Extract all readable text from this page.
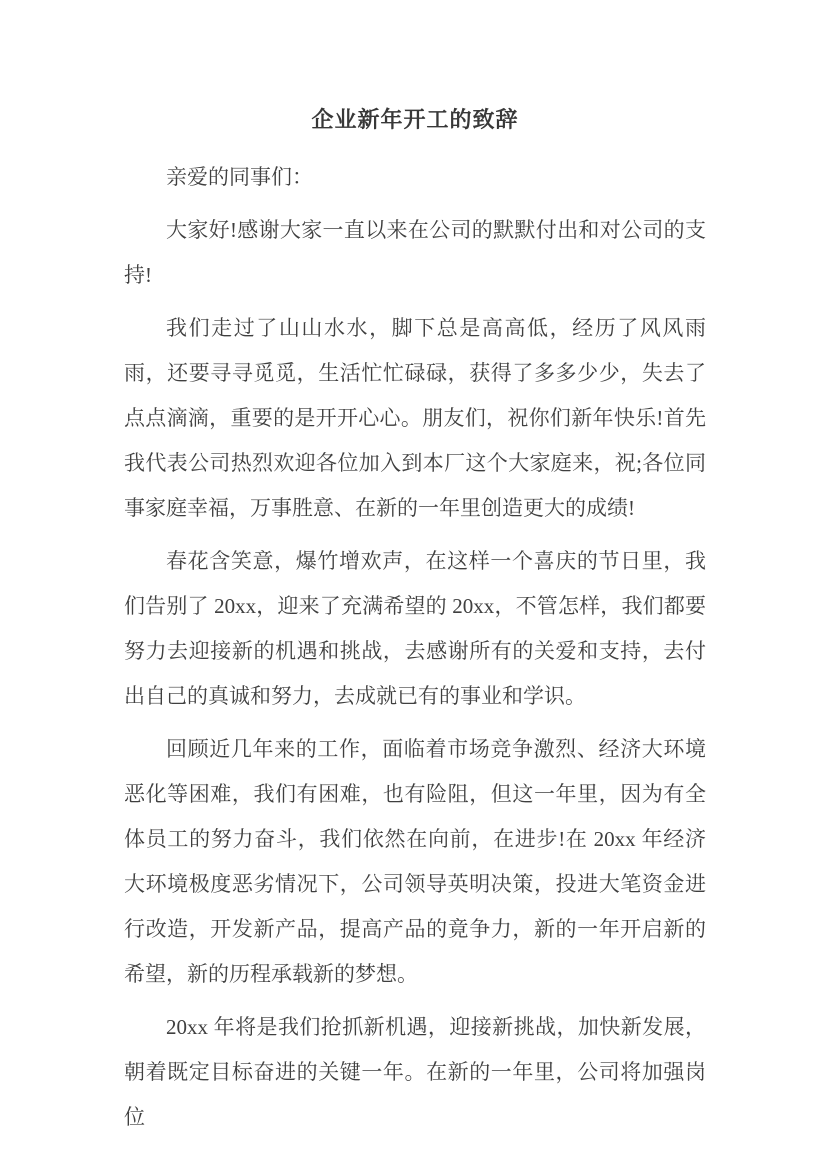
企业新年开工的致辞

亲爱的同事们：

大家好!感谢大家一直以来在公司的默默付出和对公司的支持!

我们走过了山山水水，脚下总是高高低，经历了风风雨雨，还要寻寻觅觅，生活忙忙碌碌，获得了多多少少，失去了点点滴滴，重要的是开开心心。朋友们，祝你们新年快乐!首先我代表公司热烈欢迎各位加入到本厂这个大家庭来，祝;各位同事家庭幸福，万事胜意、在新的一年里创造更大的成绩!

春花含笑意，爆竹增欢声，在这样一个喜庆的节日里，我们告别了 20xx，迎来了充满希望的 20xx，不管怎样，我们都要努力去迎接新的机遇和挑战，去感谢所有的关爱和支持，去付出自己的真诚和努力，去成就已有的事业和学识。

回顾近几年来的工作，面临着市场竞争激烈、经济大环境恶化等困难，我们有困难，也有险阻，但这一年里，因为有全体员工的努力奋斗，我们依然在向前，在进步!在 20xx 年经济大环境极度恶劣情况下，公司领导英明决策，投进大笔资金进行改造，开发新产品，提高产品的竟争力，新的一年开启新的希望，新的历程承载新的梦想。

20xx 年将是我们抢抓新机遇，迎接新挑战，加快新发展，朝着既定目标奋进的关键一年。在新的一年里，公司将加强岗位
